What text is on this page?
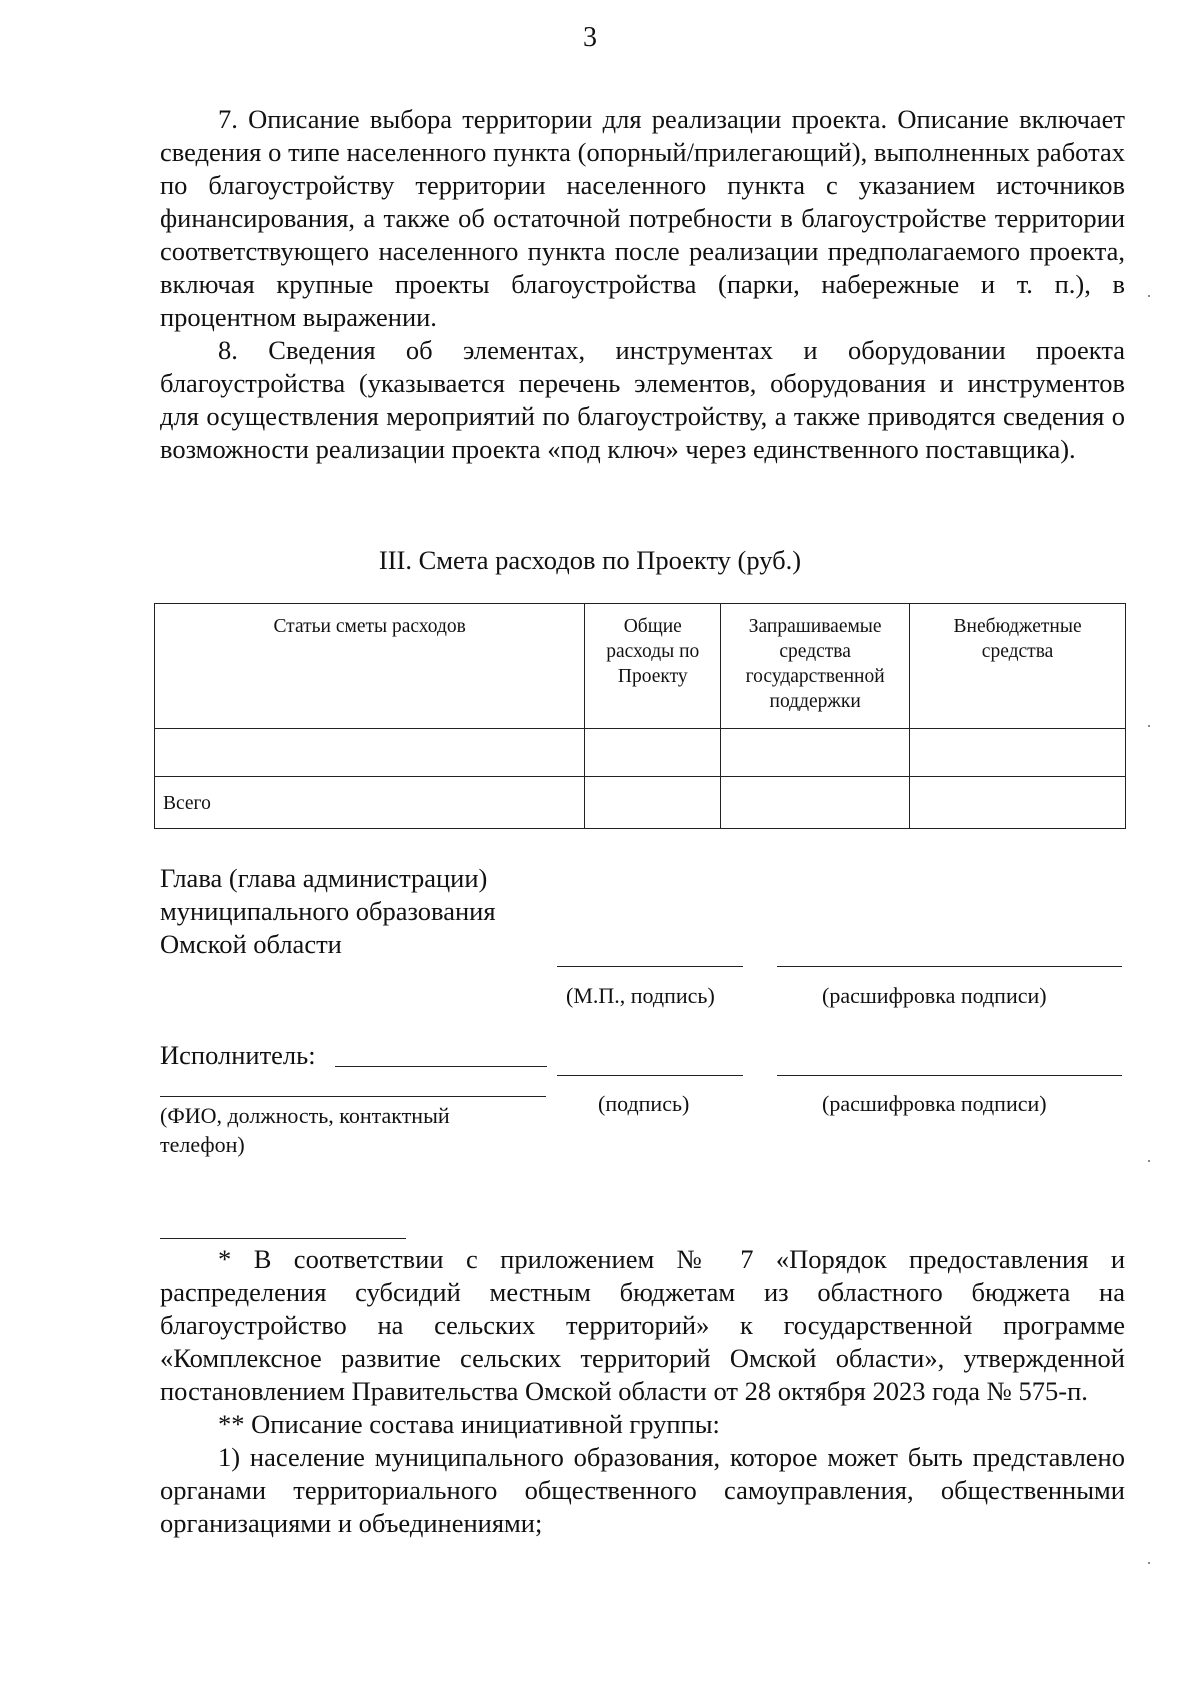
3

7. Описание выбора территории для реализации проекта. Описание включает сведения о типе населенного пункта (опорный/прилегающий), выполненных работах по благоустройству территории населенного пункта с указанием источников финансирования, а также об остаточной потребности в благоустройстве территории соответствующего населенного пункта после реализации предполагаемого проекта, включая крупные проекты благоустройства (парки, набережные и т. п.), в процентном выражении.

8. Сведения об элементах, инструментах и оборудовании проекта благоустройства (указывается перечень элементов, оборудования и инструментов для осуществления мероприятий по благоустройству, а также приводятся сведения о возможности реализации проекта «под ключ» через единственного поставщика).

III. Смета расходов по Проекту (руб.)
Статьи сметы расходов	Общие расходы по Проекту	Запрашиваемые средства государственной поддержки	Внебюджетные средства

Всего			
Глава (глава администрации)
муниципального образования
Омской области
(М.П., подпись)	(расшифровка подписи)
Исполнитель:
(подпись)	(расшифровка подписи)
(ФИО, должность, контактный
телефон)

* В соответствии с приложением № 7 «Порядок предоставления и распределения субсидий местным бюджетам из областного бюджета на благоустройство на сельских территорий» к государственной программе «Комплексное развитие сельских территорий Омской области», утвержденной постановлением Правительства Омской области от 28 октября 2023 года № 575-п.

** Описание состава инициативной группы:

1) население муниципального образования, которое может быть представлено органами территориального общественного самоуправления, общественными организациями и объединениями;
